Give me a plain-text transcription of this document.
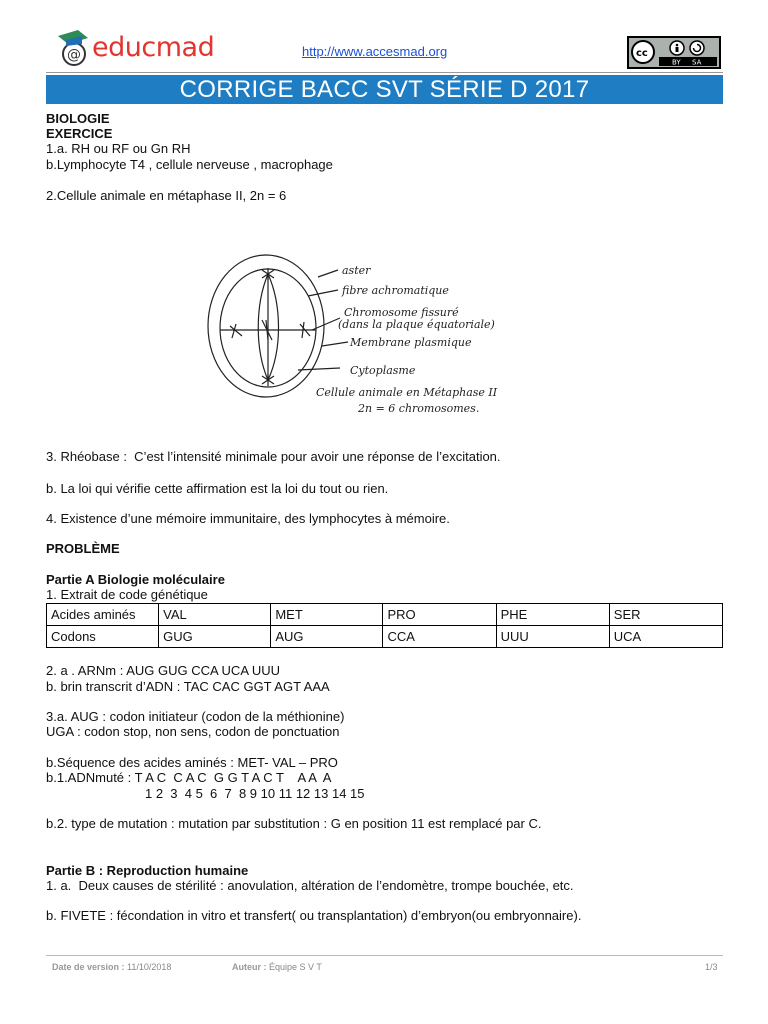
@ educmad	http://www.accesmad.org	cc
BY SA
CORRIGE BACC SVT SÉRIE D 2017
BIOLOGIE
EXERCICE
1.a. RH ou RF ou Gn RH
b.Lymphocyte T4 , cellule nerveuse , macrophage
2.Cellule animale en métaphase II, 2n = 6
aster
fibre achromatique
Chromosome fissuré
(dans la plaque équatoriale)
Membrane plasmique
Cytoplasme
Cellule animale en Métaphase II
2n = 6 chromosomes.
3. Rhéobase :  C’est l’intensité minimale pour avoir une réponse de l’excitation.
b. La loi qui vérifie cette affirmation est la loi du tout ou rien.
4. Existence d’une mémoire immunitaire, des lymphocytes à mémoire.
PROBLÈME
Partie A Biologie moléculaire
1. Extrait de code génétique
Acides aminés	VAL	MET	PRO	PHE	SER
Codons	GUG	AUG	CCA	UUU	UCA
2. a . ARNm : AUG GUG CCA UCA UUU
b. brin transcrit d’ADN : TAC CAC GGT AGT AAA
3.a. AUG : codon initiateur (codon de la méthionine)
UGA : codon stop, non sens, codon de ponctuation
b.Séquence des acides aminés : MET- VAL – PRO
b.1.ADNmuté : T A C  C A C  G G T A C T    A A  A
1 2  3  4 5  6  7  8 9 10 11 12 13 14 15
b.2. type de mutation : mutation par substitution : G en position 11 est remplacé par C.
Partie B : Reproduction humaine
1. a.  Deux causes de stérilité : anovulation, altération de l’endomètre, trompe bouchée, etc.
b. FIVETE : fécondation in vitro et transfert( ou transplantation) d’embryon(ou embryonnaire).
Date de version : 11/10/2018	Auteur : Équipe S V T	1/3
